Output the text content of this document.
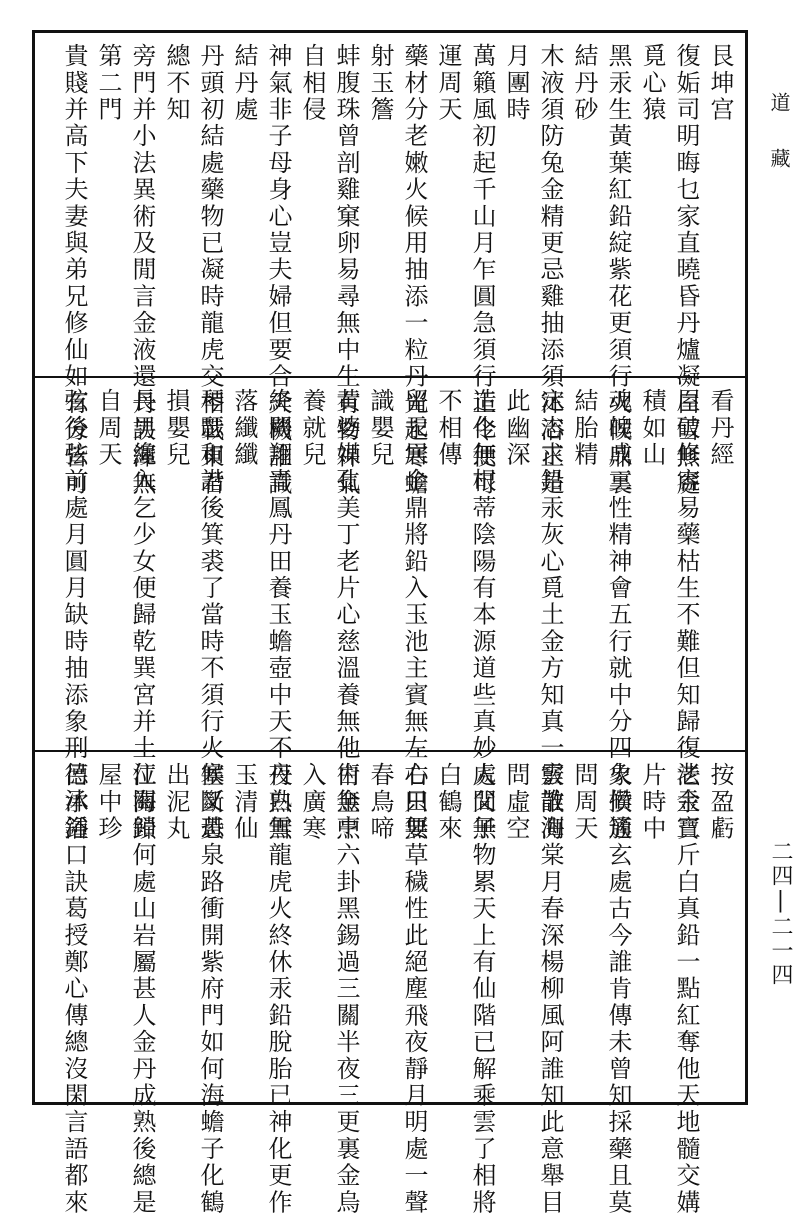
道藏
二四|二一四
艮坤宫
復姤司明晦乜家直曉昏丹爐凝白雪無處
覓心猿
黑汞生黃葉紅鉛綻紫花更須行火候鼎裏
結丹砂
木液須防兔金精更忌雞抽添須沐浴正是
月團時
萬籟風初起千山月乍圓急須行正令便可
運周天
藥材分老嫩火候用抽添一粒丹光起寒蟾
射玉簷
蚌腹珠曾剖雞窠卵易尋無中生有物神氣
自相侵
神氣非子母身心豈夫婦但要合天機誰識
結丹處
丹頭初結處藥物已凝時龍虎交相戰東君
總不知
旁門并小法異術及閒言金液還丹訣渾無
第二門
貴賤并高下夫妻與弟兄修仙如有分皆可	看丹經
屋破修容易藥枯生不難但知歸復法金寶
積如山
魂魄成三性精神會五行就中分四象攢簇
結胎精
定志求鉛汞灰心覓土金方知真一竅誰測
此幽深
造化無根蒂陰陽有本源道些真妙處父子
不相傳
留汞居金鼎將鉛入玉池主賓無左右只要
識嬰兒
黃婆媒孔美丁老片心慈溫養無他術無中
養就兒
絳闕翔青鳳丹田養玉蟾壺中天不夜白雪
落纖纖
琴瑟和諧後箕裘了當時不須行火候又恐
損嬰兒
長男纔入乞少女便歸乾巽宮并土位關鎖
自周天
弦後弦前處月圓月缺時抽添象刑德沐浴	按盈虧
老汞三斤白真鉛一點紅奪他天地髓交媾
片時中
火候通玄處古今誰肯傳未曾知採藥且莫
問周天
雲散海棠月春深楊柳風阿誰知此意舉目
問虛空
人間無物累天上有仙階已解乘雲了相將
白鶴來
心田無草穢性此絕塵飛夜靜月明處一聲
春鳥啼
白金烹六卦黑錫過三關半夜三更裏金烏
入廣寒
丹熟無龍虎火終休汞鉛脫胎已神化更作
玉清仙
塞斷黃泉路衝開紫府門如何海蟾子化鶴
出泥丸
江海歸何處山岩屬甚人金丹成熟後總是
屋中珍
呂承鍾口訣葛授鄭心傳總沒閑言語都來
